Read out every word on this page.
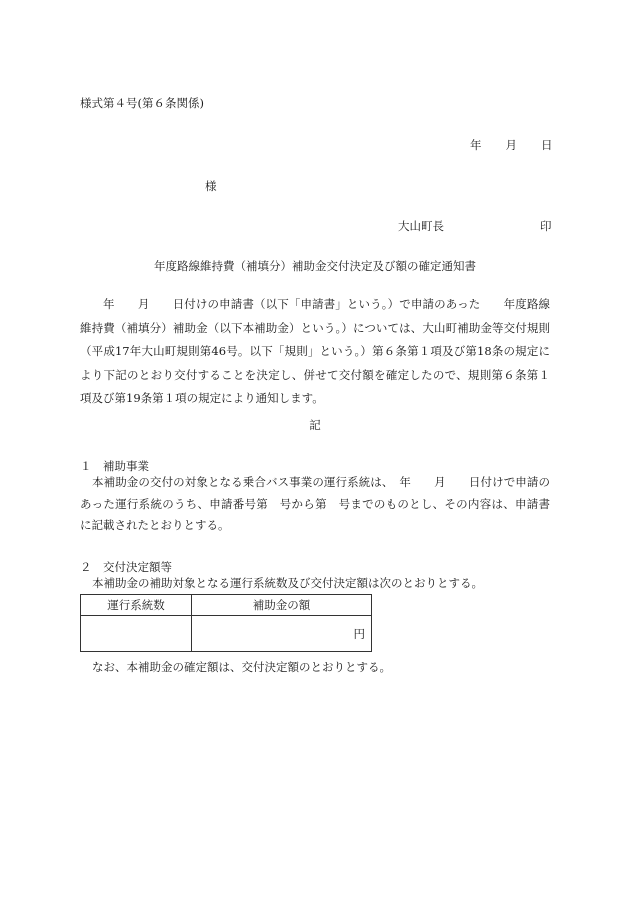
様式第４号(第６条関係)
年 月 日
様
大山町長	印
年度路線維持費（補填分）補助金交付決定及び額の確定通知書
年　　月　　日付けの申請書（以下「申請書」という。）で申請のあった　　年度路線維持費（補填分）補助金（以下本補助金）という。）については、大山町補助金等交付規則（平成17年大山町規則第46号。以下「規則」という。）第６条第１項及び第18条の規定により下記のとおり交付することを決定し、併せて交付額を確定したので、規則第６条第１項及び第19条第１項の規定により通知します。
記
１　補助事業
本補助金の交付の対象となる乗合バス事業の運行系統は、　年　　月　　日付けで申請のあった運行系統のうち、申請番号第　号から第　号までのものとし、その内容は、申請書に記載されたとおりとする。
２　交付決定額等
本補助金の補助対象となる運行系統数及び交付決定額は次のとおりとする。
運行系統数	補助金の額
	円
なお、本補助金の確定額は、交付決定額のとおりとする。
